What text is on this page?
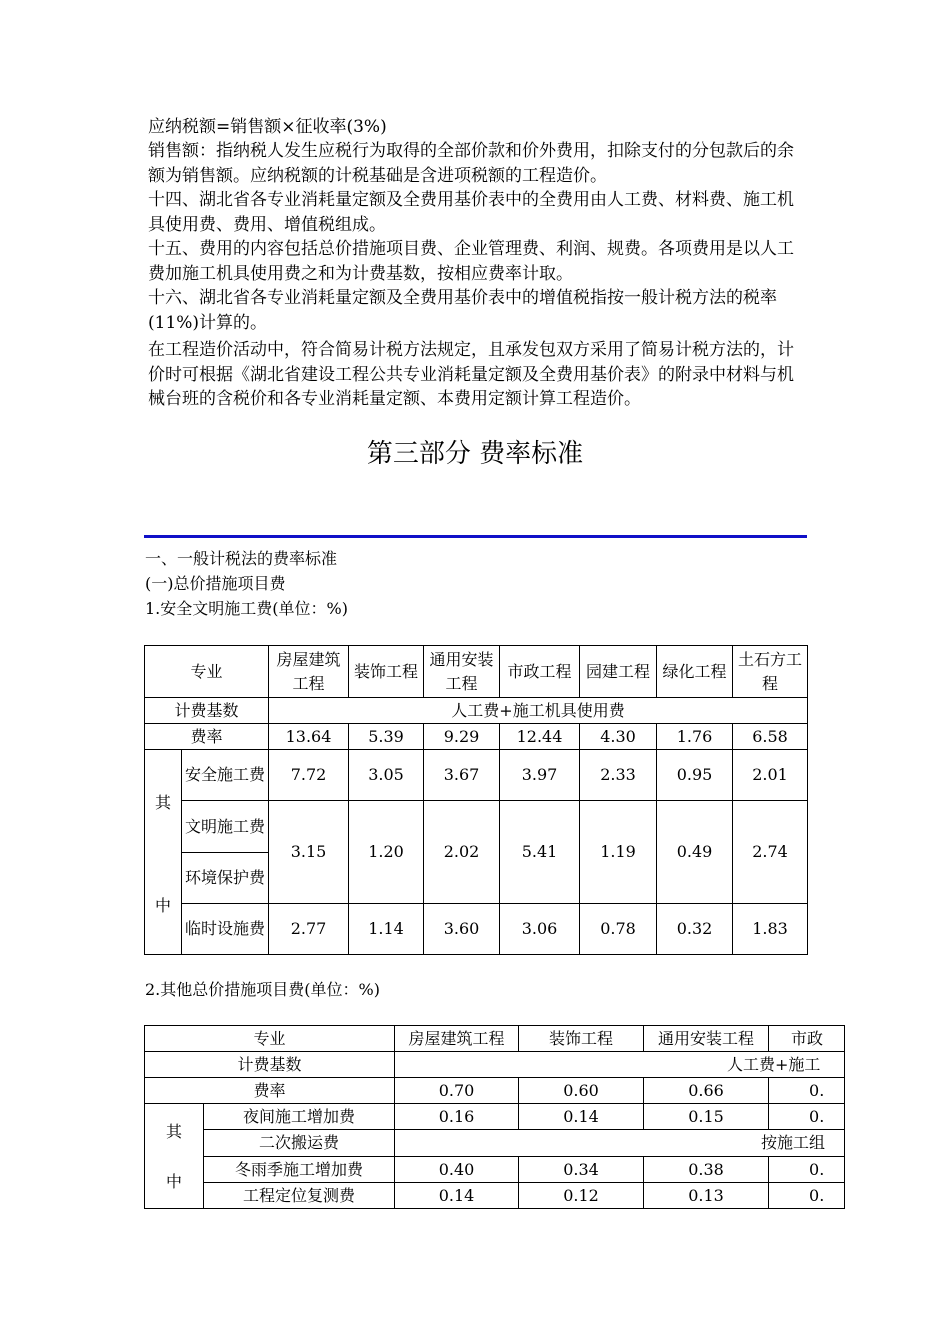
应纳税额=销售额×征收率(3%)

销售额：指纳税人发生应税行为取得的全部价款和价外费用，扣除支付的分包款后的余额为销售额。应纳税额的计税基础是含进项税额的工程造价。

十四、湖北省各专业消耗量定额及全费用基价表中的全费用由人工费、材料费、施工机具使用费、费用、增值税组成。

十五、费用的内容包括总价措施项目费、企业管理费、利润、规费。各项费用是以人工费加施工机具使用费之和为计费基数，按相应费率计取。

十六、湖北省各专业消耗量定额及全费用基价表中的增值税指按一般计税方法的税率(11%)计算的。

在工程造价活动中，符合简易计税方法规定，且承发包双方采用了简易计税方法的，计价时可根据《湖北省建设工程公共专业消耗量定额及全费用基价表》的附录中材料与机械台班的含税价和各专业消耗量定额、本费用定额计算工程造价。

第三部分 费率标准

一、一般计税法的费率标准

(一)总价措施项目费

1.安全文明施工费(单位：%)

专业		房屋建筑工程	装饰工程	通用安装工程	市政工程	园建工程	绿化工程	土石方工程
计费基数		人工费+施工机具使用费						
费率		13.64	5.39	9.29	12.44	4.30	1.76	6.58

其
中	安全施工费	7.72	3.05	3.67	3.97	2.33	0.95	2.01
	文明施工费	3.15	1.20	2.02	5.41	1.19	0.49	2.74
	环境保护费							
	临时设施费	2.77	1.14	3.60	3.06	0.78	0.32	1.83

2.其他总价措施项目费(单位：%)

专业		房屋建筑工程	装饰工程	通用安装工程	市政
计费基数		人工费+施工			
费率		0.70	0.60	0.66	0.

其
中	夜间施工增加费	0.16	0.14	0.15	0.
	二次搬运费	按施工组			
	冬雨季施工增加费	0.40	0.34	0.38	0.
	工程定位复测费	0.14	0.12	0.13	0.
